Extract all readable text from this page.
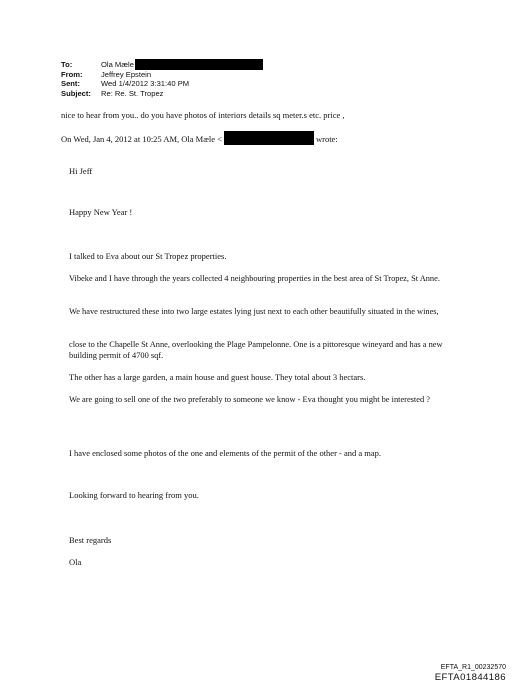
To:	Ola Mæle
From:	Jeffrey Epstein
Sent:	Wed 1/4/2012 3:31:40 PM
Subject:	Re: Re. St. Tropez
nice to hear from you.. do you have photos of interiors details sq meter.s etc. price ,
On Wed, Jan 4, 2012 at 10:25 AM, Ola Mæle <	wrote:
Hi Jeff
Happy New Year !
I talked to Eva about our St Tropez properties.
Vibeke and I have through the years collected 4 neighbouring properties in the best area of St Tropez, St Anne.
We have restructured these into two large estates lying just next to each other beautifully situated in the wines,
close to the Chapelle St Anne, overlooking the Plage Pampelonne. One is a pittoresque wineyard and has a new building permit of 4700 sqf.
The other has a large garden, a main house and guest house. They total about 3 hectars.
We are going to sell one of the two preferably to someone we know - Eva thought you might be interested ?
I have enclosed some photos of the one and elements of the permit of the other - and a map.
Looking forward to hearing from you.
Best regards
Ola
EFTA_R1_00232570
EFTA01844186
